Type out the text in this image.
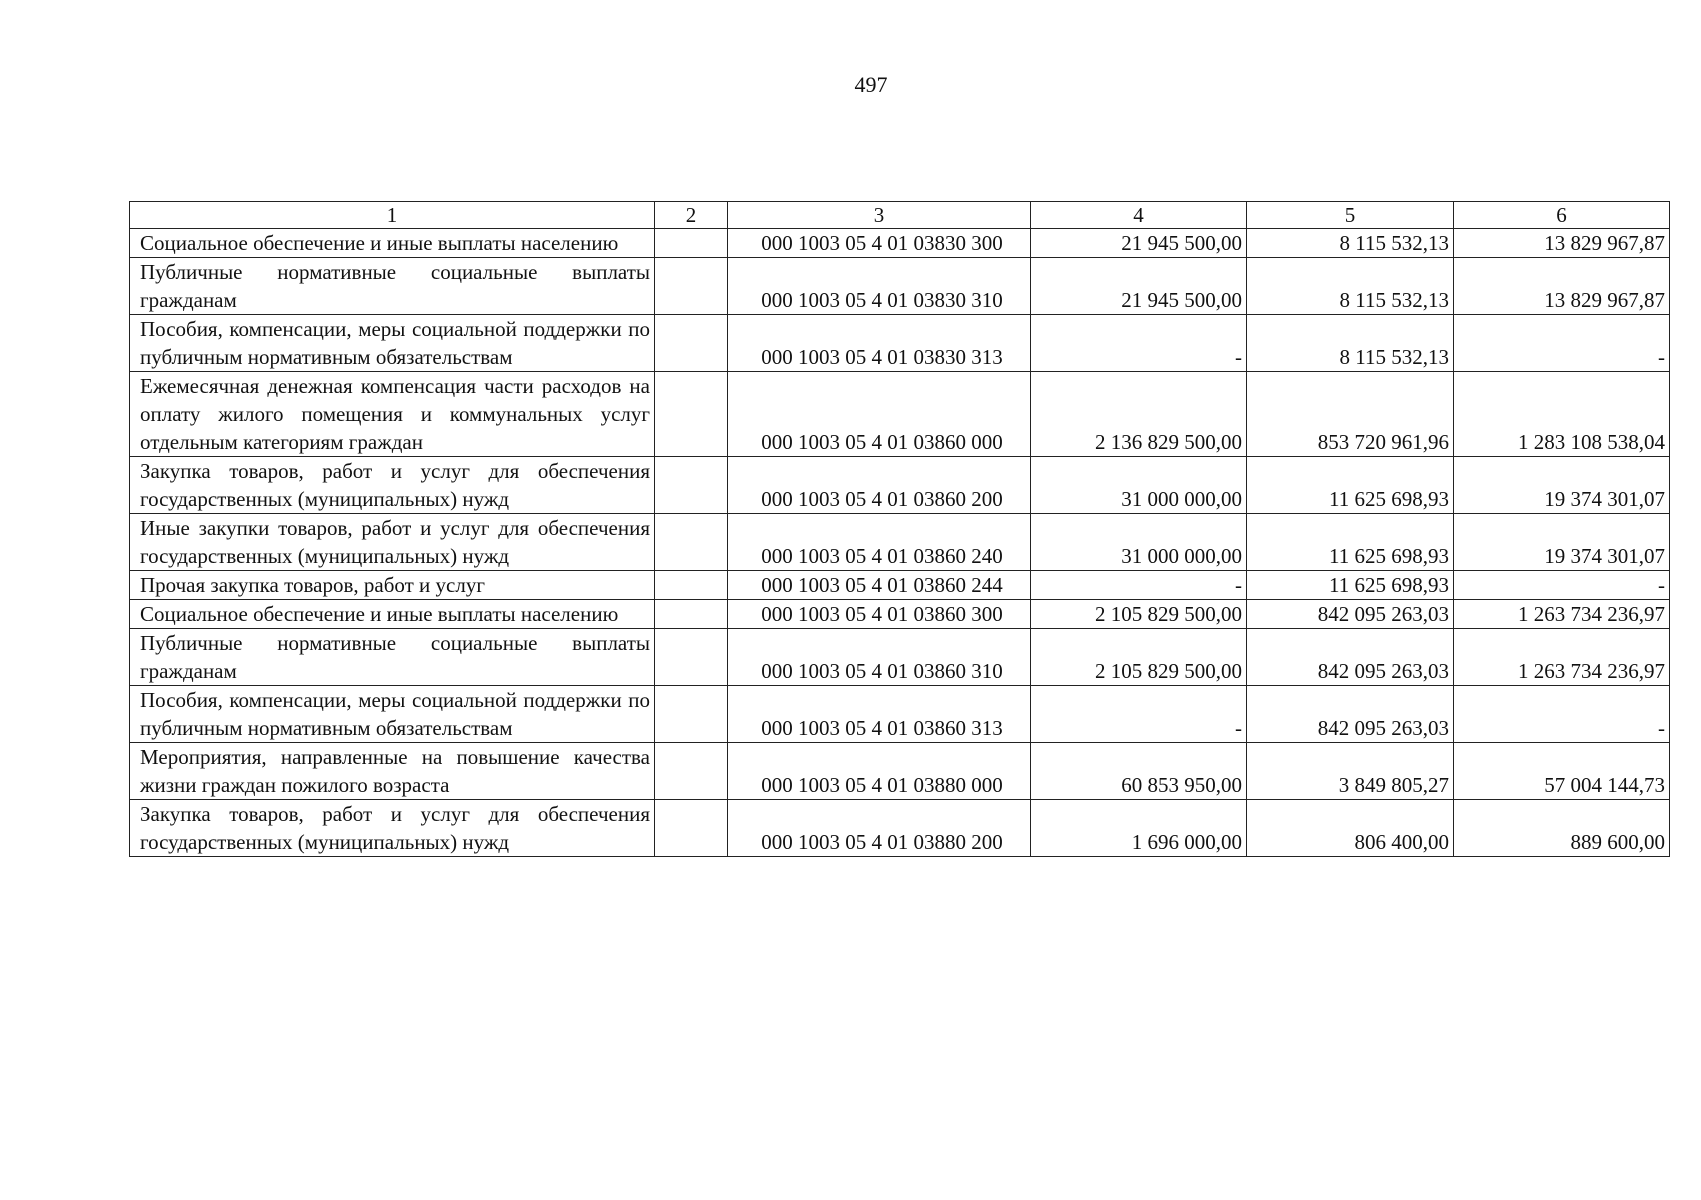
497
1	2	3	4	5	6
Социальное обеспечение и иные выплаты населению		000 1003 05 4 01 03830 300	21 945 500,00	8 115 532,13	13 829 967,87
Публичные нормативные социальные выплаты гражданам		000 1003 05 4 01 03830 310	21 945 500,00	8 115 532,13	13 829 967,87
Пособия, компенсации, меры социальной поддержки по публичным нормативным обязательствам		000 1003 05 4 01 03830 313	-	8 115 532,13	-
Ежемесячная денежная компенсация части расходов на оплату жилого помещения и коммунальных услуг отдельным категориям граждан		000 1003 05 4 01 03860 000	2 136 829 500,00	853 720 961,96	1 283 108 538,04
Закупка товаров, работ и услуг для обеспечения государственных (муниципальных) нужд		000 1003 05 4 01 03860 200	31 000 000,00	11 625 698,93	19 374 301,07
Иные закупки товаров, работ и услуг для обеспечения государственных (муниципальных) нужд		000 1003 05 4 01 03860 240	31 000 000,00	11 625 698,93	19 374 301,07
Прочая закупка товаров, работ и услуг		000 1003 05 4 01 03860 244	-	11 625 698,93	-
Социальное обеспечение и иные выплаты населению		000 1003 05 4 01 03860 300	2 105 829 500,00	842 095 263,03	1 263 734 236,97
Публичные нормативные социальные выплаты гражданам		000 1003 05 4 01 03860 310	2 105 829 500,00	842 095 263,03	1 263 734 236,97
Пособия, компенсации, меры социальной поддержки по публичным нормативным обязательствам		000 1003 05 4 01 03860 313	-	842 095 263,03	-
Мероприятия, направленные на повышение качества жизни граждан пожилого возраста		000 1003 05 4 01 03880 000	60 853 950,00	3 849 805,27	57 004 144,73
Закупка товаров, работ и услуг для обеспечения государственных (муниципальных) нужд		000 1003 05 4 01 03880 200	1 696 000,00	806 400,00	889 600,00
